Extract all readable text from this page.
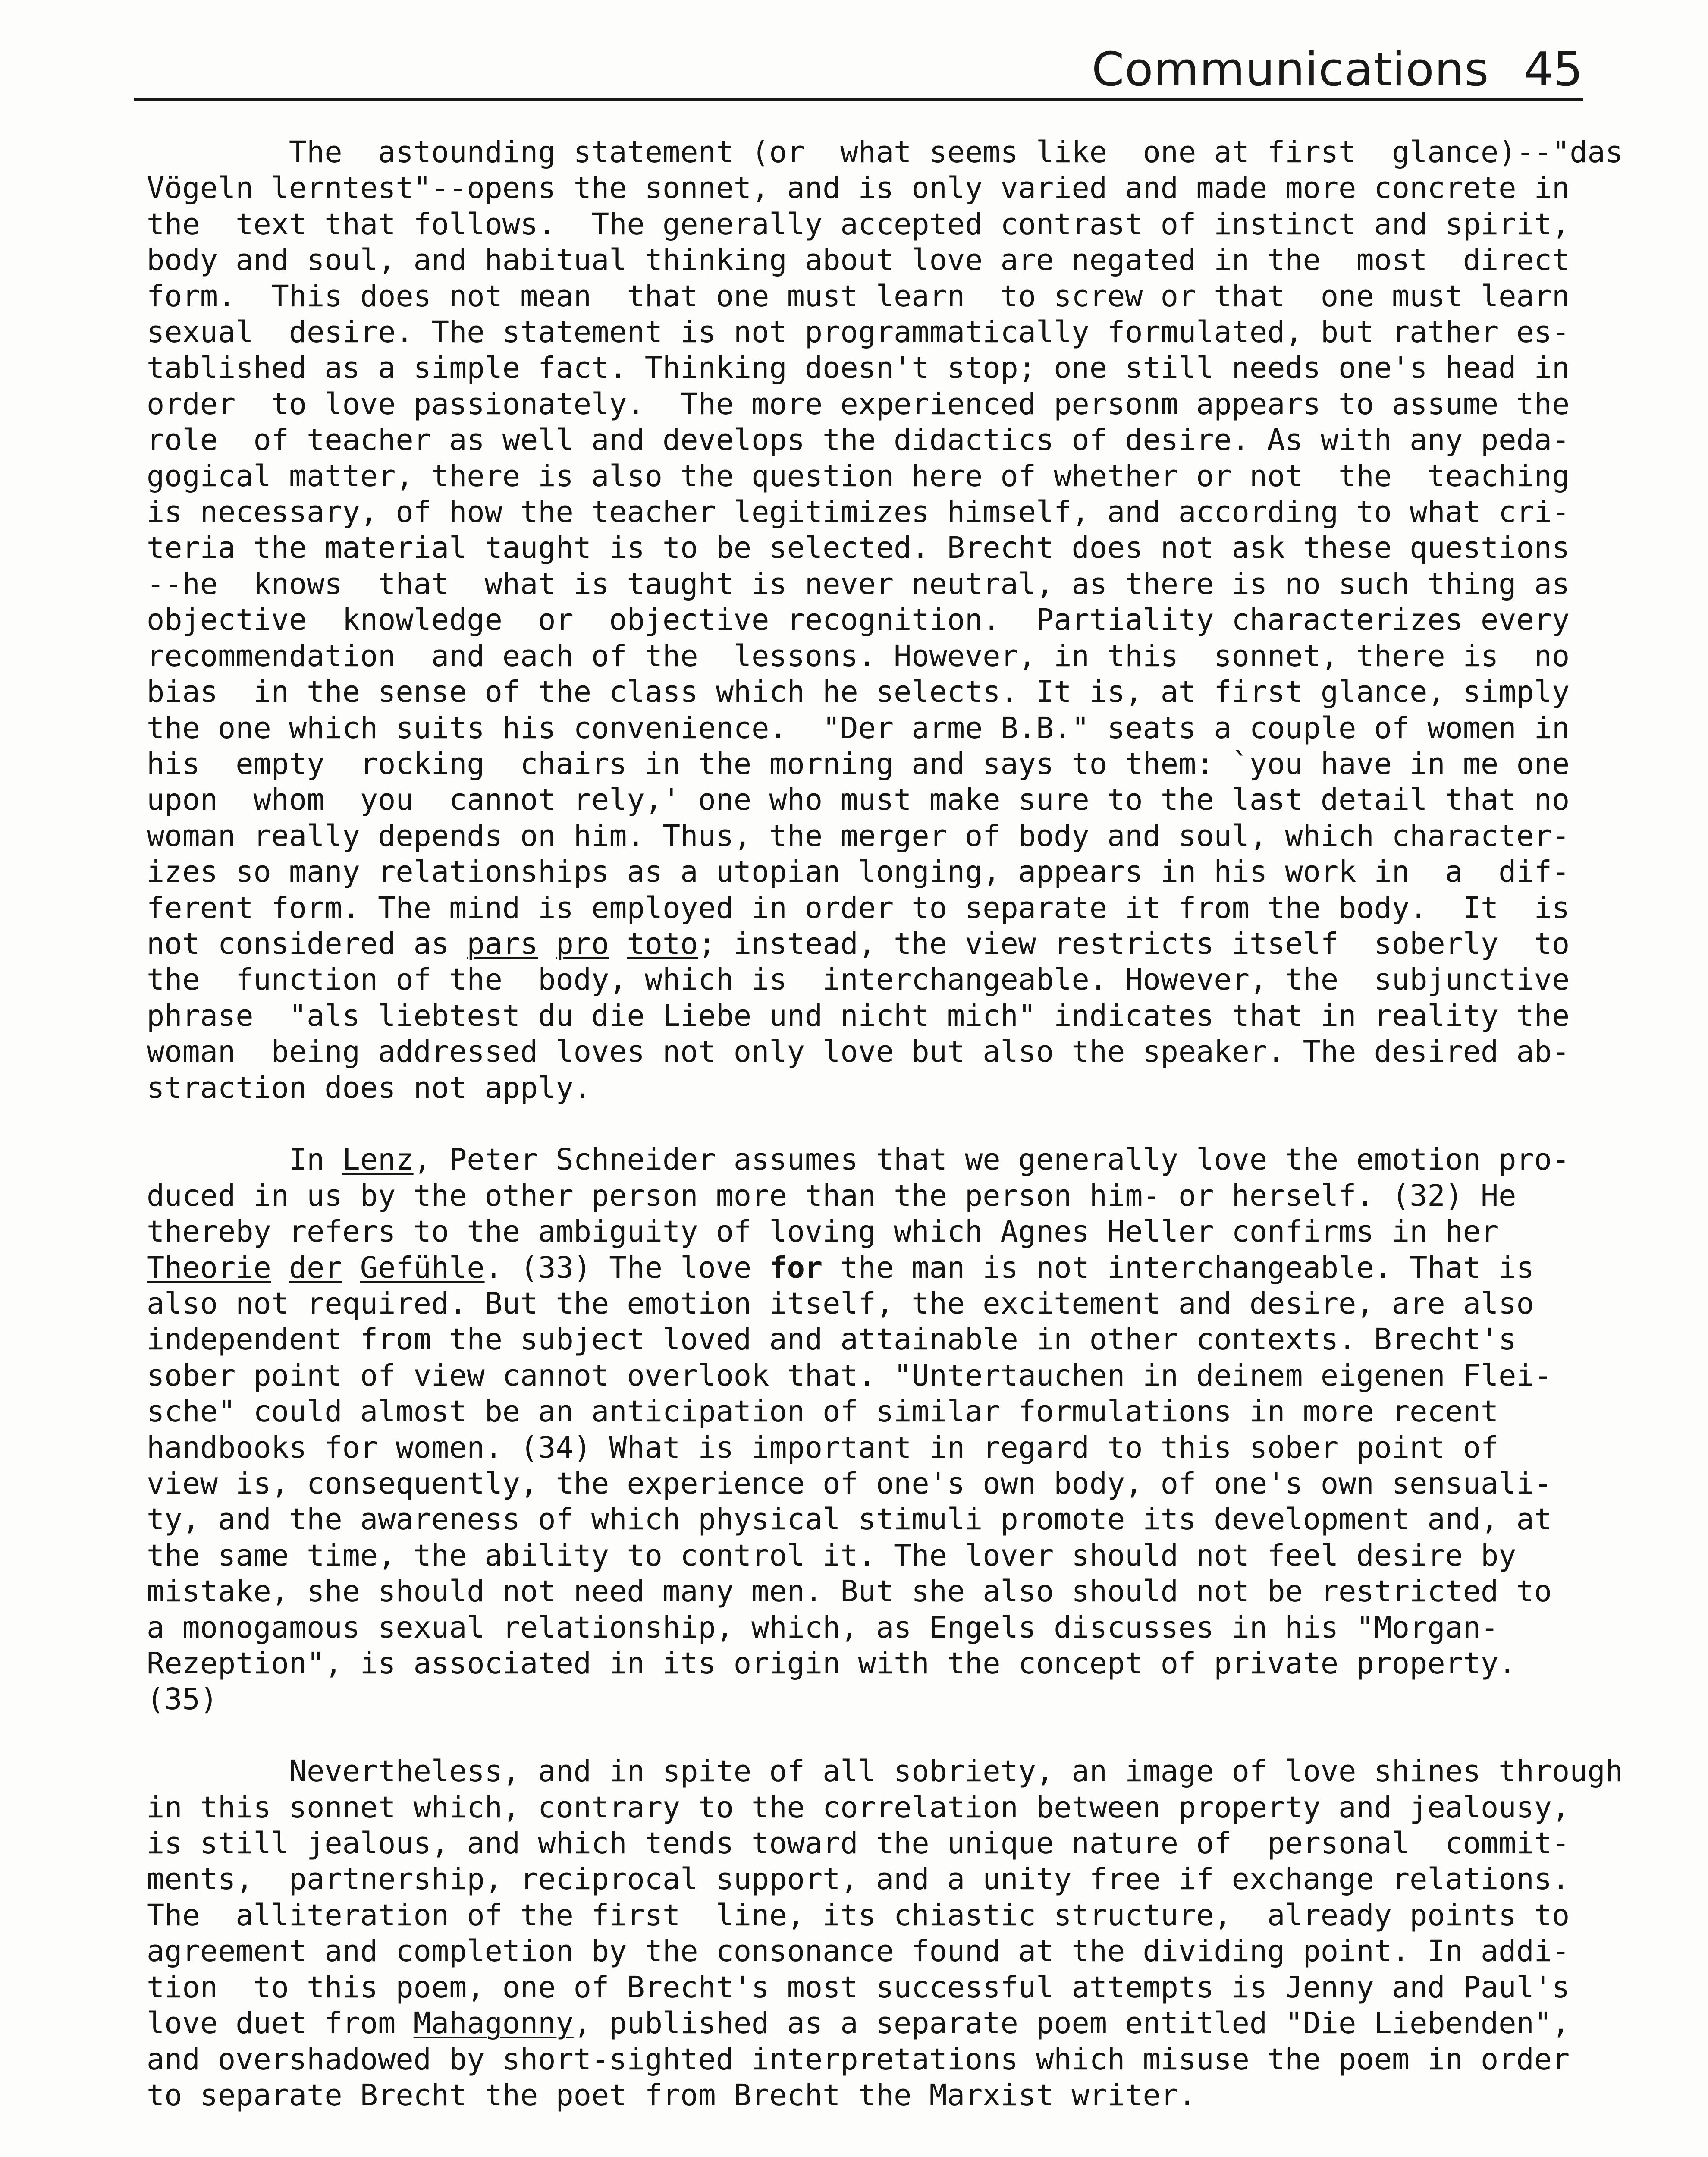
Communications 45
The  astounding statement (or  what seems like  one at first  glance)--"das
Vögeln lerntest"--opens the sonnet, and is only varied and made more concrete in
the  text that follows.  The generally accepted contrast of instinct and spirit,
body and soul, and habitual thinking about love are negated in the  most  direct
form.  This does not mean  that one must learn  to screw or that  one must learn
sexual  desire. The statement is not programmatically formulated, but rather es-
tablished as a simple fact. Thinking doesn't stop; one still needs one's head in
order  to love passionately.  The more experienced personm appears to assume the
role  of teacher as well and develops the didactics of desire. As with any peda-
gogical matter, there is also the question here of whether or not  the  teaching
is necessary, of how the teacher legitimizes himself, and according to what cri-
teria the material taught is to be selected. Brecht does not ask these questions
--he  knows  that  what is taught is never neutral, as there is no such thing as
objective  knowledge  or  objective recognition.  Partiality characterizes every
recommendation  and each of the  lessons. However, in this  sonnet, there is  no
bias  in the sense of the class which he selects. It is, at first glance, simply
the one which suits his convenience.  "Der arme B.B." seats a couple of women in
his  empty  rocking  chairs in the morning and says to them: `you have in me one
upon  whom  you  cannot rely,' one who must make sure to the last detail that no
woman really depends on him. Thus, the merger of body and soul, which character-
izes so many relationships as a utopian longing, appears in his work in  a  dif-
ferent form. The mind is employed in order to separate it from the body.  It  is
not considered as pars pro toto; instead, the view restricts itself  soberly  to
the  function of the  body, which is  interchangeable. However, the  subjunctive
phrase  "als liebtest du die Liebe und nicht mich" indicates that in reality the
woman  being addressed loves not only love but also the speaker. The desired ab-
straction does not apply.
In Lenz, Peter Schneider assumes that we generally love the emotion pro-
duced in us by the other person more than the person him- or herself. (32) He
thereby refers to the ambiguity of loving which Agnes Heller confirms in her
Theorie der Gefühle. (33) The love for the man is not interchangeable. That is
also not required. But the emotion itself, the excitement and desire, are also
independent from the subject loved and attainable in other contexts. Brecht's
sober point of view cannot overlook that. "Untertauchen in deinem eigenen Flei-
sche" could almost be an anticipation of similar formulations in more recent
handbooks for women. (34) What is important in regard to this sober point of
view is, consequently, the experience of one's own body, of one's own sensuali-
ty, and the awareness of which physical stimuli promote its development and, at
the same time, the ability to control it. The lover should not feel desire by
mistake, she should not need many men. But she also should not be restricted to
a monogamous sexual relationship, which, as Engels discusses in his "Morgan-
Rezeption", is associated in its origin with the concept of private property.
(35)
Nevertheless, and in spite of all sobriety, an image of love shines through
in this sonnet which, contrary to the correlation between property and jealousy,
is still jealous, and which tends toward the unique nature of  personal  commit-
ments,  partnership, reciprocal support, and a unity free if exchange relations.
The  alliteration of the first  line, its chiastic structure,  already points to
agreement and completion by the consonance found at the dividing point. In addi-
tion  to this poem, one of Brecht's most successful attempts is Jenny and Paul's
love duet from Mahagonny, published as a separate poem entitled "Die Liebenden",
and overshadowed by short-sighted interpretations which misuse the poem in order
to separate Brecht the poet from Brecht the Marxist writer.
